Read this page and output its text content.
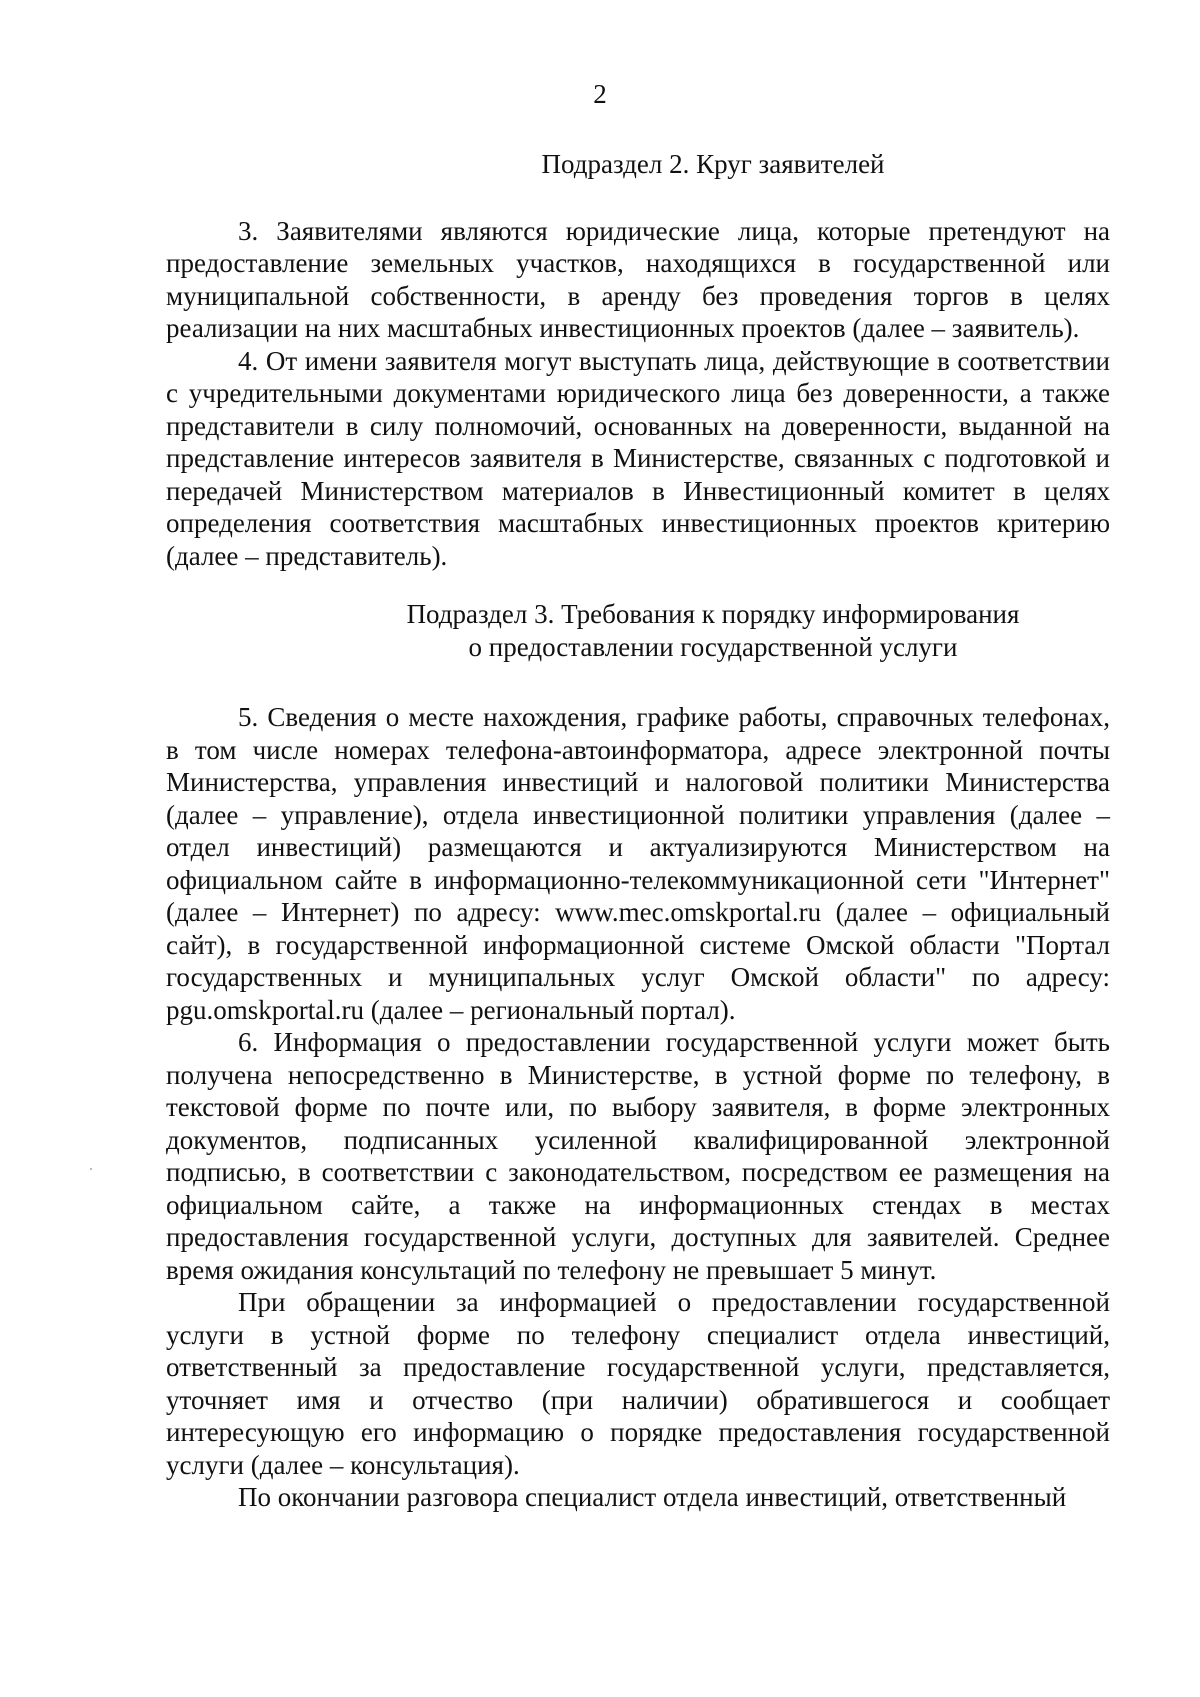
2
Подраздел 2. Круг заявителей

3. Заявителями являются юридические лица, которые претендуют на предоставление земельных участков, находящихся в государственной или муниципальной собственности, в аренду без проведения торгов в целях реализации на них масштабных инвестиционных проектов (далее – заявитель).

4. От имени заявителя могут выступать лица, действующие в соответствии с учредительными документами юридического лица без доверенности, а также представители в силу полномочий, основанных на доверенности, выданной на представление интересов заявителя в Министерстве, связанных с подготовкой и передачей Министерством материалов в Инвестиционный комитет в целях определения соответствия масштабных инвестиционных проектов критерию (далее – представитель).

Подраздел 3. Требования к порядку информирования
о предоставлении государственной услуги

5. Сведения о месте нахождения, графике работы, справочных телефонах, в том числе номерах телефона-автоинформатора, адресе электронной почты Министерства, управления инвестиций и налоговой политики Министерства (далее – управление), отдела инвестиционной политики управления (далее – отдел инвестиций) размещаются и актуализируются Министерством на официальном сайте в информационно-телекоммуникационной сети "Интернет" (далее – Интернет) по адресу: www.mec.omskportal.ru (далее – официальный сайт), в государственной информационной системе Омской области "Портал государственных и муниципальных услуг Омской области" по адресу: pgu.omskportal.ru (далее – региональный портал).

6. Информация о предоставлении государственной услуги может быть получена непосредственно в Министерстве, в устной форме по телефону, в текстовой форме по почте или, по выбору заявителя, в форме электронных документов, подписанных усиленной квалифицированной электронной подписью, в соответствии с законодательством, посредством ее размещения на официальном сайте, а также на информационных стендах в местах предоставления государственной услуги, доступных для заявителей. Среднее время ожидания консультаций по телефону не превышает 5 минут.

При обращении за информацией о предоставлении государственной услуги в устной форме по телефону специалист отдела инвестиций, ответственный за предоставление государственной услуги, представляется, уточняет имя и отчество (при наличии) обратившегося и сообщает интересующую его информацию о порядке предоставления государственной услуги (далее – консультация).

По окончании разговора специалист отдела инвестиций, ответственный
